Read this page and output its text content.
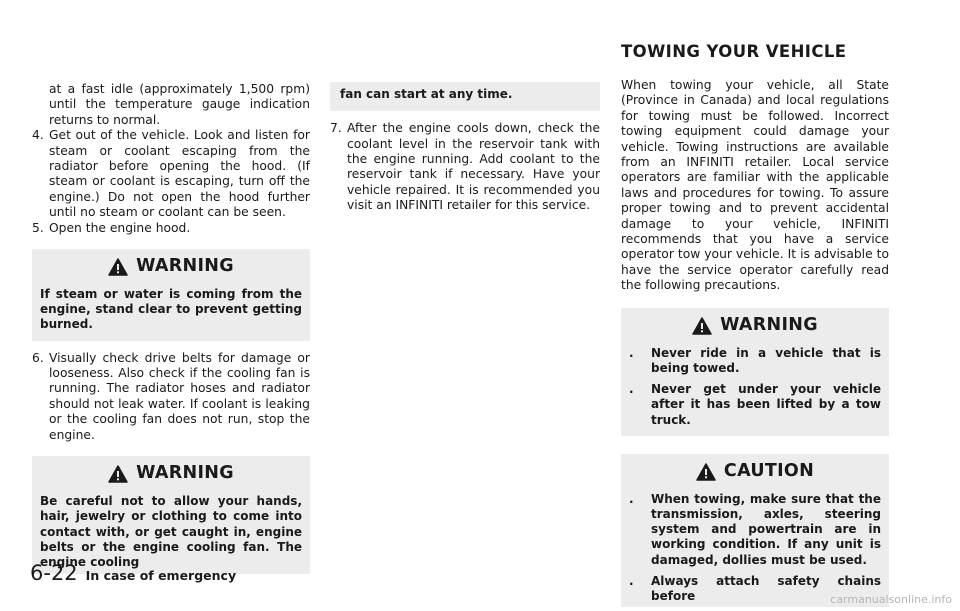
at a fast idle (approximately 1,500 rpm) until the temperature gauge indication returns to normal.

4. Get out of the vehicle. Look and listen for steam or coolant escaping from the radiator before opening the hood. (If steam or coolant is escaping, turn off the engine.) Do not open the hood further until no steam or coolant can be seen.
5. Open the engine hood.
WARNING

If steam or water is coming from the engine, stand clear to prevent getting burned.

6. Visually check drive belts for damage or looseness. Also check if the cooling fan is running. The radiator hoses and radiator should not leak water. If coolant is leaking or the cooling fan does not run, stop the engine.
WARNING

Be careful not to allow your hands, hair, jewelry or clothing to come into contact with, or get caught in, engine belts or the engine cooling fan. The engine cooling

fan can start at any time.

7. After the engine cools down, check the coolant level in the reservoir tank with the engine running. Add coolant to the reservoir tank if necessary. Have your vehicle repaired. It is recommended you visit an INFINITI retailer for this service.
TOWING YOUR VEHICLE

When towing your vehicle, all State (Province in Canada) and local regulations for towing must be followed. Incorrect towing equipment could damage your vehicle. Towing instructions are available from an INFINITI retailer. Local service operators are familiar with the applicable laws and procedures for towing. To assure proper towing and to prevent accidental damage to your vehicle, INFINITI recommends that you have a service operator tow your vehicle. It is advisable to have the service operator carefully read the following precautions.

WARNING
.	Never ride in a vehicle that is being towed.
.	Never get under your vehicle after it has been lifted by a tow truck.
CAUTION
.	When towing, make sure that the transmission, axles, steering system and powertrain are in working condition. If any unit is damaged, dollies must be used.
.	Always attach safety chains before
6-22 In case of emergency
carmanualsonline.info
